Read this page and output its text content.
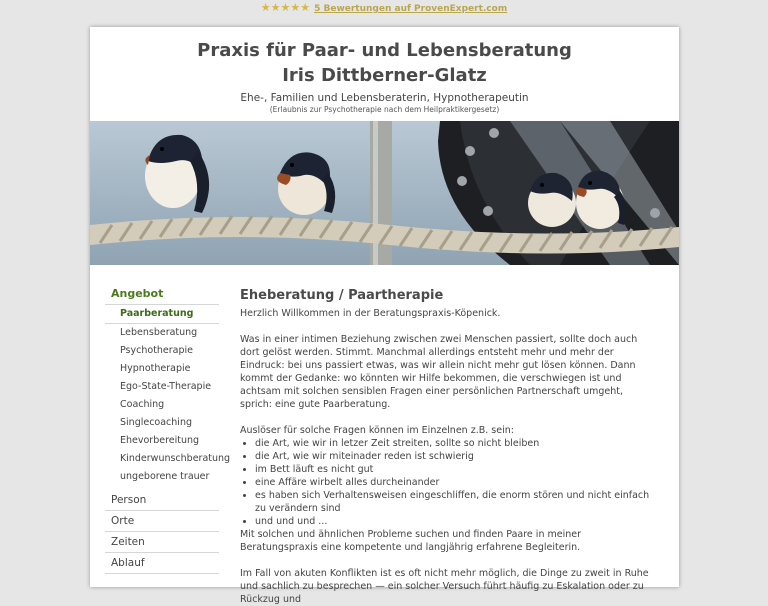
★★★★★ 5 Bewertungen auf ProvenExpert.com
Praxis für Paar- und Lebensberatung
Iris Dittberner-Glatz
Ehe-, Familien und Lebensberaterin, Hypnotherapeutin
(Erlaubnis zur Psychotherapie nach dem Heilpraktikergesetz)
Angebot
Paarberatung
Lebensberatung
Psychotherapie
Hypnotherapie
Ego-State-Therapie
Coaching
Singlecoaching
Ehevorbereitung
Kinderwunschberatung
ungeborene trauer
Person
Orte
Zeiten
Ablauf
Eheberatung / Paartherapie

Herzlich Willkommen in der Beratungspraxis-Köpenick.

Was in einer intimen Beziehung zwischen zwei Menschen passiert, sollte doch auch dort gelöst werden. Stimmt. Manchmal allerdings entsteht mehr und mehr der Eindruck: bei uns passiert etwas, was wir allein nicht mehr gut lösen können. Dann kommt der Gedanke: wo könnten wir Hilfe bekommen, die verschwiegen ist und achtsam mit solchen sensiblen Fragen einer persönlichen Partnerschaft umgeht, sprich: eine gute Paarberatung.

Auslöser für solche Fragen können im Einzelnen z.B. sein:

• die Art, wie wir in letzer Zeit streiten, sollte so nicht bleiben
• die Art, wie wir miteinader reden ist schwierig
• im Bett läuft es nicht gut
• eine Affäre wirbelt alles durcheinander
• es haben sich Verhaltensweisen eingeschliffen, die enorm stören und nicht einfach zu verändern sind
• und und und ...

Mit solchen und ähnlichen Probleme suchen und finden Paare in meiner Beratungspraxis eine kompetente und langjährig erfahrene Begleiterin.

Im Fall von akuten Konflikten ist es oft nicht mehr möglich, die Dinge zu zweit in Ruhe und sachlich zu besprechen — ein solcher Versuch führt häufig zu Eskalation oder zu Rückzug und
